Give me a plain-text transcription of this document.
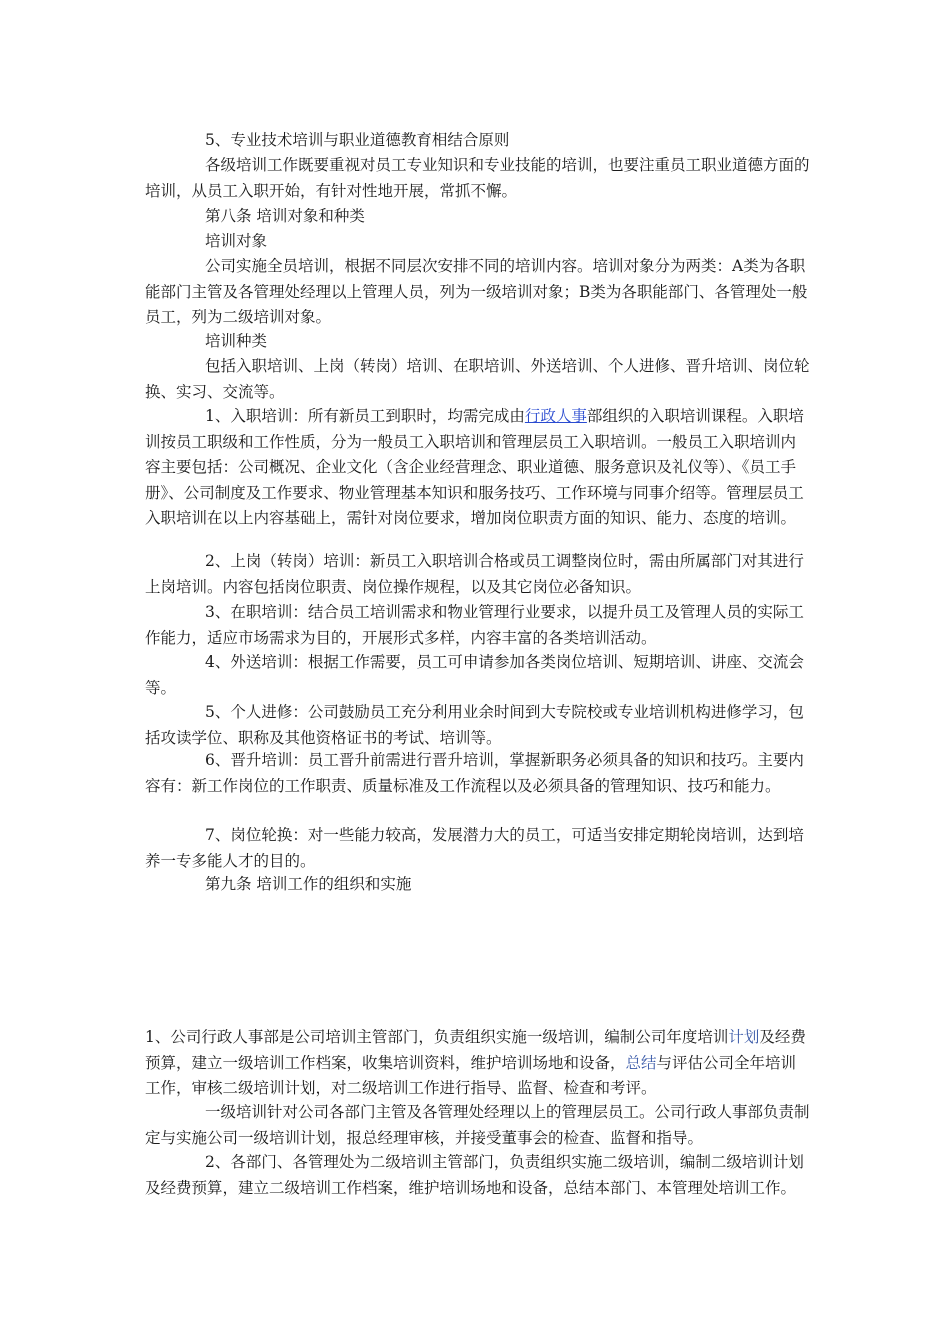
5、专业技术培训与职业道德教育相结合原则

各级培训工作既要重视对员工专业知识和专业技能的培训，也要注重员工职业道德方面的培训，从员工入职开始，有针对性地开展，常抓不懈。

第八条 培训对象和种类

培训对象

公司实施全员培训，根据不同层次安排不同的培训内容。培训对象分为两类：A类为各职能部门主管及各管理处经理以上管理人员，列为一级培训对象；B类为各职能部门、各管理处一般员工，列为二级培训对象。

培训种类

包括入职培训、上岗（转岗）培训、在职培训、外送培训、个人进修、晋升培训、岗位轮换、实习、交流等。

1、入职培训：所有新员工到职时，均需完成由行政人事部组织的入职培训课程。入职培训按员工职级和工作性质，分为一般员工入职培训和管理层员工入职培训。一般员工入职培训内容主要包括：公司概况、企业文化（含企业经营理念、职业道德、服务意识及礼仪等）、《员工手册》、公司制度及工作要求、物业管理基本知识和服务技巧、工作环境与同事介绍等。管理层员工入职培训在以上内容基础上，需针对岗位要求，增加岗位职责方面的知识、能力、态度的培训。

2、上岗（转岗）培训：新员工入职培训合格或员工调整岗位时，需由所属部门对其进行上岗培训。内容包括岗位职责、岗位操作规程，以及其它岗位必备知识。

3、在职培训：结合员工培训需求和物业管理行业要求，以提升员工及管理人员的实际工作能力，适应市场需求为目的，开展形式多样，内容丰富的各类培训活动。

4、外送培训：根据工作需要，员工可申请参加各类岗位培训、短期培训、讲座、交流会等。

5、个人进修：公司鼓励员工充分利用业余时间到大专院校或专业培训机构进修学习，包括攻读学位、职称及其他资格证书的考试、培训等。

6、晋升培训：员工晋升前需进行晋升培训，掌握新职务必须具备的知识和技巧。主要内容有：新工作岗位的工作职责、质量标准及工作流程以及必须具备的管理知识、技巧和能力。

7、岗位轮换：对一些能力较高，发展潜力大的员工，可适当安排定期轮岗培训，达到培养一专多能人才的目的。

第九条 培训工作的组织和实施

1、公司行政人事部是公司培训主管部门，负责组织实施一级培训，编制公司年度培训计划及经费预算，建立一级培训工作档案，收集培训资料，维护培训场地和设备，总结与评估公司全年培训工作，审核二级培训计划，对二级培训工作进行指导、监督、检查和考评。

一级培训针对公司各部门主管及各管理处经理以上的管理层员工。公司行政人事部负责制定与实施公司一级培训计划，报总经理审核，并接受董事会的检查、监督和指导。

2、各部门、各管理处为二级培训主管部门，负责组织实施二级培训，编制二级培训计划及经费预算，建立二级培训工作档案，维护培训场地和设备，总结本部门、本管理处培训工作。
